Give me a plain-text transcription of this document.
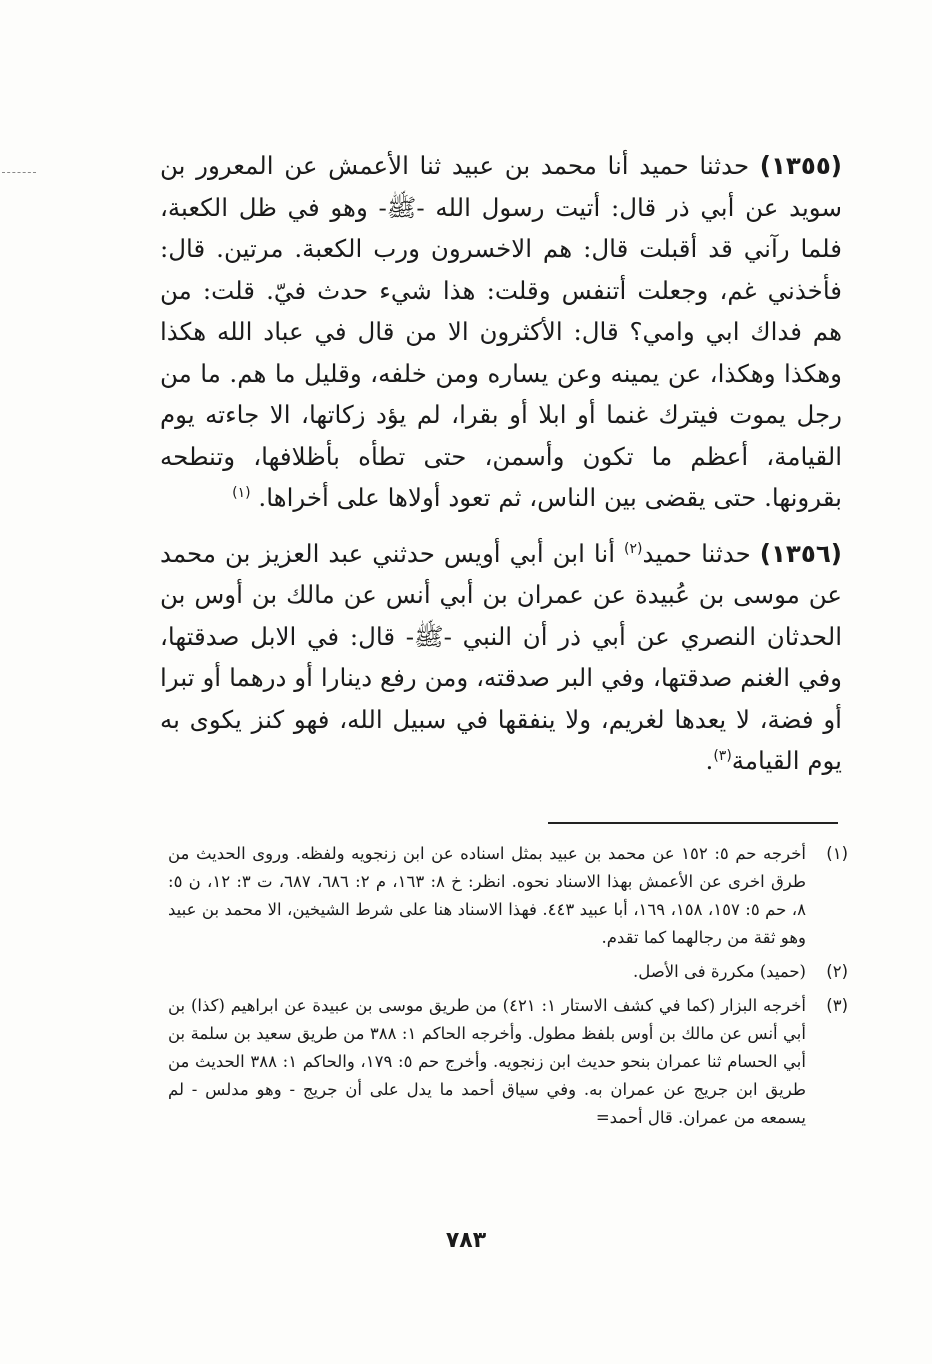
(١٣٥٥) حدثنا حميد أنا محمد بن عبيد ثنا الأعمش عن المعرور بن سويد عن أبي ذر قال: أتيت رسول الله -ﷺ- وهو في ظل الكعبة، فلما رآني قد أقبلت قال: هم الاخسرون ورب الكعبة. مرتين. قال: فأخذني غم، وجعلت أتنفس وقلت: هذا شيء حدث فيّ. قلت: من هم فداك ابي وامي؟ قال: الأكثرون الا من قال في عباد الله هكذا وهكذا وهكذا، عن يمينه وعن يساره ومن خلفه، وقليل ما هم. ما من رجل يموت فيترك غنما أو ابلا أو بقرا، لم يؤد زكاتها، الا جاءته يوم القيامة، أعظم ما تكون وأسمن، حتى تطأه بأظلافها، وتنطحه بقرونها. حتى يقضى بين الناس، ثم تعود أولاها على أخراها. $^{(١)}$

(١٣٥٦) حدثنا حميد$^{(٢)}$ أنا ابن أبي أويس حدثني عبد العزيز بن محمد عن موسى بن عُبيدة عن عمران بن أبي أنس عن مالك بن أوس بن الحدثان النصري عن أبي ذر أن النبي -ﷺ- قال: في الابل صدقتها، وفي الغنم صدقتها، وفي البر صدقته، ومن رفع دينارا أو درهما أو تبرا أو فضة، لا يعدها لغريم، ولا ينفقها في سبيل الله، فهو كنز يكوى به يوم القيامة$^{(٣)}$.

(١)
أخرجه حم ٥: ١٥٢ عن محمد بن عبيد بمثل اسناده عن ابن زنجويه ولفظه. وروى الحديث من طرق اخرى عن الأعمش بهذا الاسناد نحوه. انظر: خ ٨: ١٦٣، م ٢: ٦٨٦، ٦٨٧، ت ٣: ١٢، ن ٥: ٨، حم ٥: ١٥٧، ١٥٨، ١٦٩، أبا عبيد ٤٤٣. فهذا الاسناد هنا على شرط الشيخين، الا محمد بن عبيد وهو ثقة من رجالهما كما تقدم.
(٢)
(حميد) مكررة فى الأصل.
(٣)
أخرجه البزار (كما في كشف الاستار ١: ٤٢١) من طريق موسى بن عبيدة عن ابراهيم (كذا) بن أبي أنس عن مالك بن أوس بلفظ مطول. وأخرجه الحاكم ١: ٣٨٨ من طريق سعيد بن سلمة بن أبي الحسام ثنا عمران بنحو حديث ابن زنجويه. وأخرج حم ٥: ١٧٩، والحاكم ١: ٣٨٨ الحديث من طريق ابن جريج عن عمران به. وفي سياق أحمد ما يدل على أن جريج - وهو مدلس - لم يسمعه من عمران. قال أحمد=
٧٨٣
